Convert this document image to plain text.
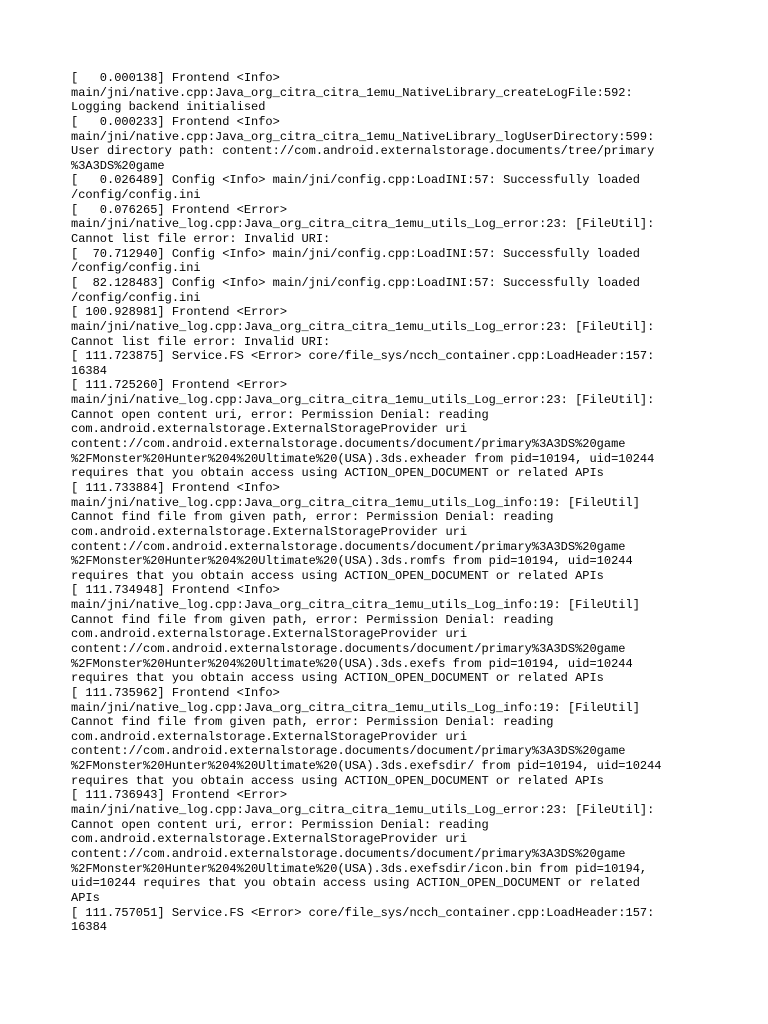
[   0.000138] Frontend <Info>
main/jni/native.cpp:Java_org_citra_citra_1emu_NativeLibrary_createLogFile:592:
Logging backend initialised
[   0.000233] Frontend <Info>
main/jni/native.cpp:Java_org_citra_citra_1emu_NativeLibrary_logUserDirectory:599:
User directory path: content://com.android.externalstorage.documents/tree/primary
%3A3DS%20game
[   0.026489] Config <Info> main/jni/config.cpp:LoadINI:57: Successfully loaded
/config/config.ini
[   0.076265] Frontend <Error>
main/jni/native_log.cpp:Java_org_citra_citra_1emu_utils_Log_error:23: [FileUtil]:
Cannot list file error: Invalid URI:
[  70.712940] Config <Info> main/jni/config.cpp:LoadINI:57: Successfully loaded
/config/config.ini
[  82.128483] Config <Info> main/jni/config.cpp:LoadINI:57: Successfully loaded
/config/config.ini
[ 100.928981] Frontend <Error>
main/jni/native_log.cpp:Java_org_citra_citra_1emu_utils_Log_error:23: [FileUtil]:
Cannot list file error: Invalid URI:
[ 111.723875] Service.FS <Error> core/file_sys/ncch_container.cpp:LoadHeader:157:
16384
[ 111.725260] Frontend <Error>
main/jni/native_log.cpp:Java_org_citra_citra_1emu_utils_Log_error:23: [FileUtil]:
Cannot open content uri, error: Permission Denial: reading
com.android.externalstorage.ExternalStorageProvider uri
content://com.android.externalstorage.documents/document/primary%3A3DS%20game
%2FMonster%20Hunter%204%20Ultimate%20(USA).3ds.exheader from pid=10194, uid=10244
requires that you obtain access using ACTION_OPEN_DOCUMENT or related APIs
[ 111.733884] Frontend <Info>
main/jni/native_log.cpp:Java_org_citra_citra_1emu_utils_Log_info:19: [FileUtil]
Cannot find file from given path, error: Permission Denial: reading
com.android.externalstorage.ExternalStorageProvider uri
content://com.android.externalstorage.documents/document/primary%3A3DS%20game
%2FMonster%20Hunter%204%20Ultimate%20(USA).3ds.romfs from pid=10194, uid=10244
requires that you obtain access using ACTION_OPEN_DOCUMENT or related APIs
[ 111.734948] Frontend <Info>
main/jni/native_log.cpp:Java_org_citra_citra_1emu_utils_Log_info:19: [FileUtil]
Cannot find file from given path, error: Permission Denial: reading
com.android.externalstorage.ExternalStorageProvider uri
content://com.android.externalstorage.documents/document/primary%3A3DS%20game
%2FMonster%20Hunter%204%20Ultimate%20(USA).3ds.exefs from pid=10194, uid=10244
requires that you obtain access using ACTION_OPEN_DOCUMENT or related APIs
[ 111.735962] Frontend <Info>
main/jni/native_log.cpp:Java_org_citra_citra_1emu_utils_Log_info:19: [FileUtil]
Cannot find file from given path, error: Permission Denial: reading
com.android.externalstorage.ExternalStorageProvider uri
content://com.android.externalstorage.documents/document/primary%3A3DS%20game
%2FMonster%20Hunter%204%20Ultimate%20(USA).3ds.exefsdir/ from pid=10194, uid=10244
requires that you obtain access using ACTION_OPEN_DOCUMENT or related APIs
[ 111.736943] Frontend <Error>
main/jni/native_log.cpp:Java_org_citra_citra_1emu_utils_Log_error:23: [FileUtil]:
Cannot open content uri, error: Permission Denial: reading
com.android.externalstorage.ExternalStorageProvider uri
content://com.android.externalstorage.documents/document/primary%3A3DS%20game
%2FMonster%20Hunter%204%20Ultimate%20(USA).3ds.exefsdir/icon.bin from pid=10194,
uid=10244 requires that you obtain access using ACTION_OPEN_DOCUMENT or related
APIs
[ 111.757051] Service.FS <Error> core/file_sys/ncch_container.cpp:LoadHeader:157:
16384
